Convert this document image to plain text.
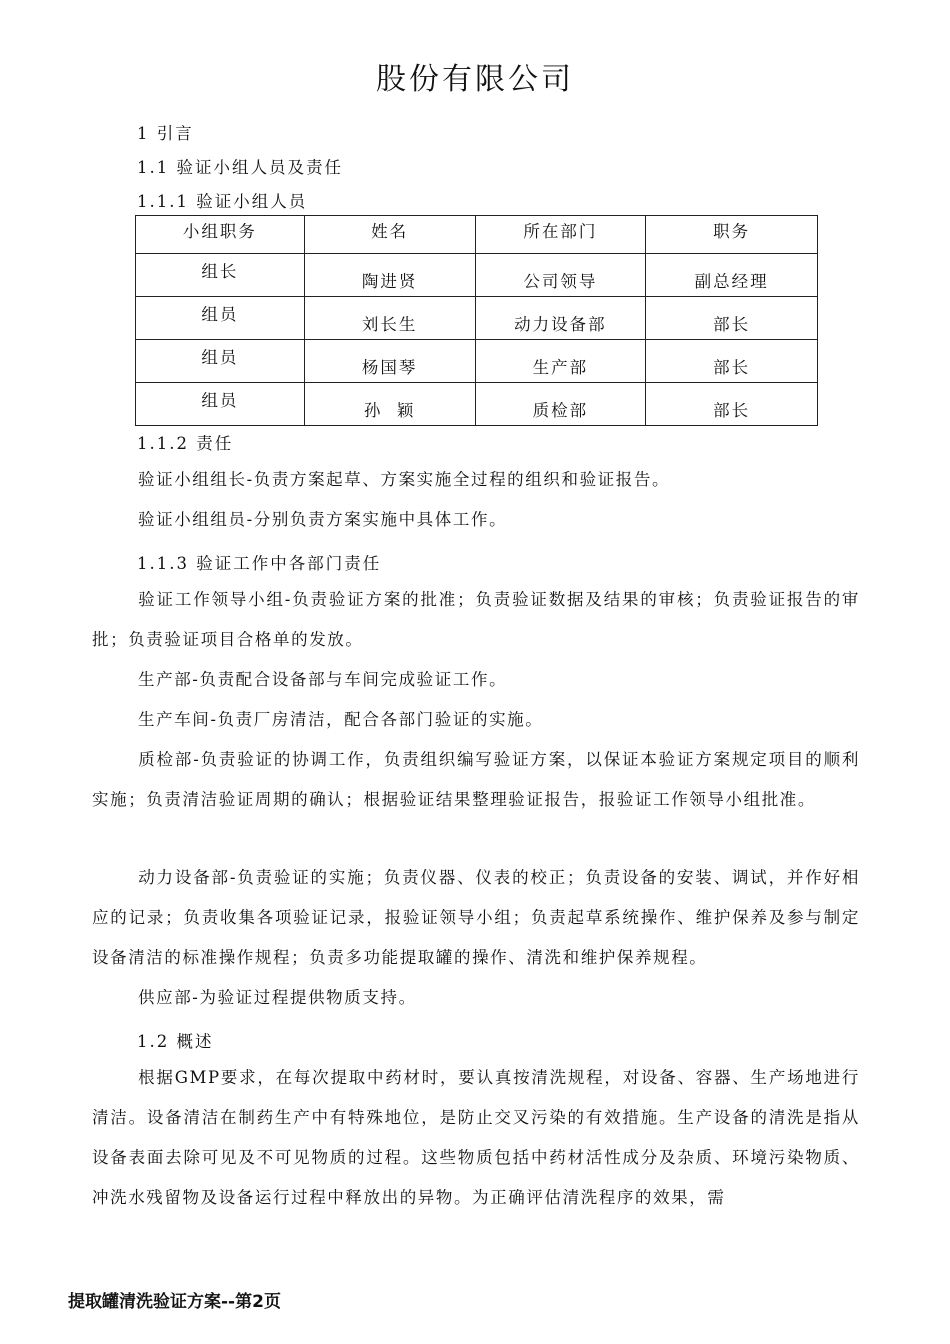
股份有限公司
1 引言
1.1 验证小组人员及责任
1.1.1 验证小组人员
小组职务	姓名	所在部门	职务
组长	陶进贤	公司领导	副总经理
组员	刘长生	动力设备部	部长
组员	杨国琴	生产部	部长
组员	孙  颖	质检部	部长
1.1.2 责任
验证小组组长-负责方案起草、方案实施全过程的组织和验证报告。
验证小组组员-分别负责方案实施中具体工作。
1.1.3 验证工作中各部门责任
验证工作领导小组-负责验证方案的批准；负责验证数据及结果的审核；负责验证报告的审批；负责验证项目合格单的发放。
生产部-负责配合设备部与车间完成验证工作。
生产车间-负责厂房清洁，配合各部门验证的实施。
质检部-负责验证的协调工作，负责组织编写验证方案，以保证本验证方案规定项目的顺利实施；负责清洁验证周期的确认；根据验证结果整理验证报告，报验证工作领导小组批准。
动力设备部-负责验证的实施；负责仪器、仪表的校正；负责设备的安装、调试，并作好相应的记录；负责收集各项验证记录，报验证领导小组；负责起草系统操作、维护保养及参与制定设备清洁的标准操作规程；负责多功能提取罐的操作、清洗和维护保养规程。
供应部-为验证过程提供物质支持。
1.2 概述
根据GMP要求，在每次提取中药材时，要认真按清洗规程，对设备、容器、生产场地进行清洁。设备清洁在制药生产中有特殊地位，是防止交叉污染的有效措施。生产设备的清洗是指从设备表面去除可见及不可见物质的过程。这些物质包括中药材活性成分及杂质、环境污染物质、冲洗水残留物及设备运行过程中释放出的异物。为正确评估清洗程序的效果，需
提取罐清洗验证方案--第2页
